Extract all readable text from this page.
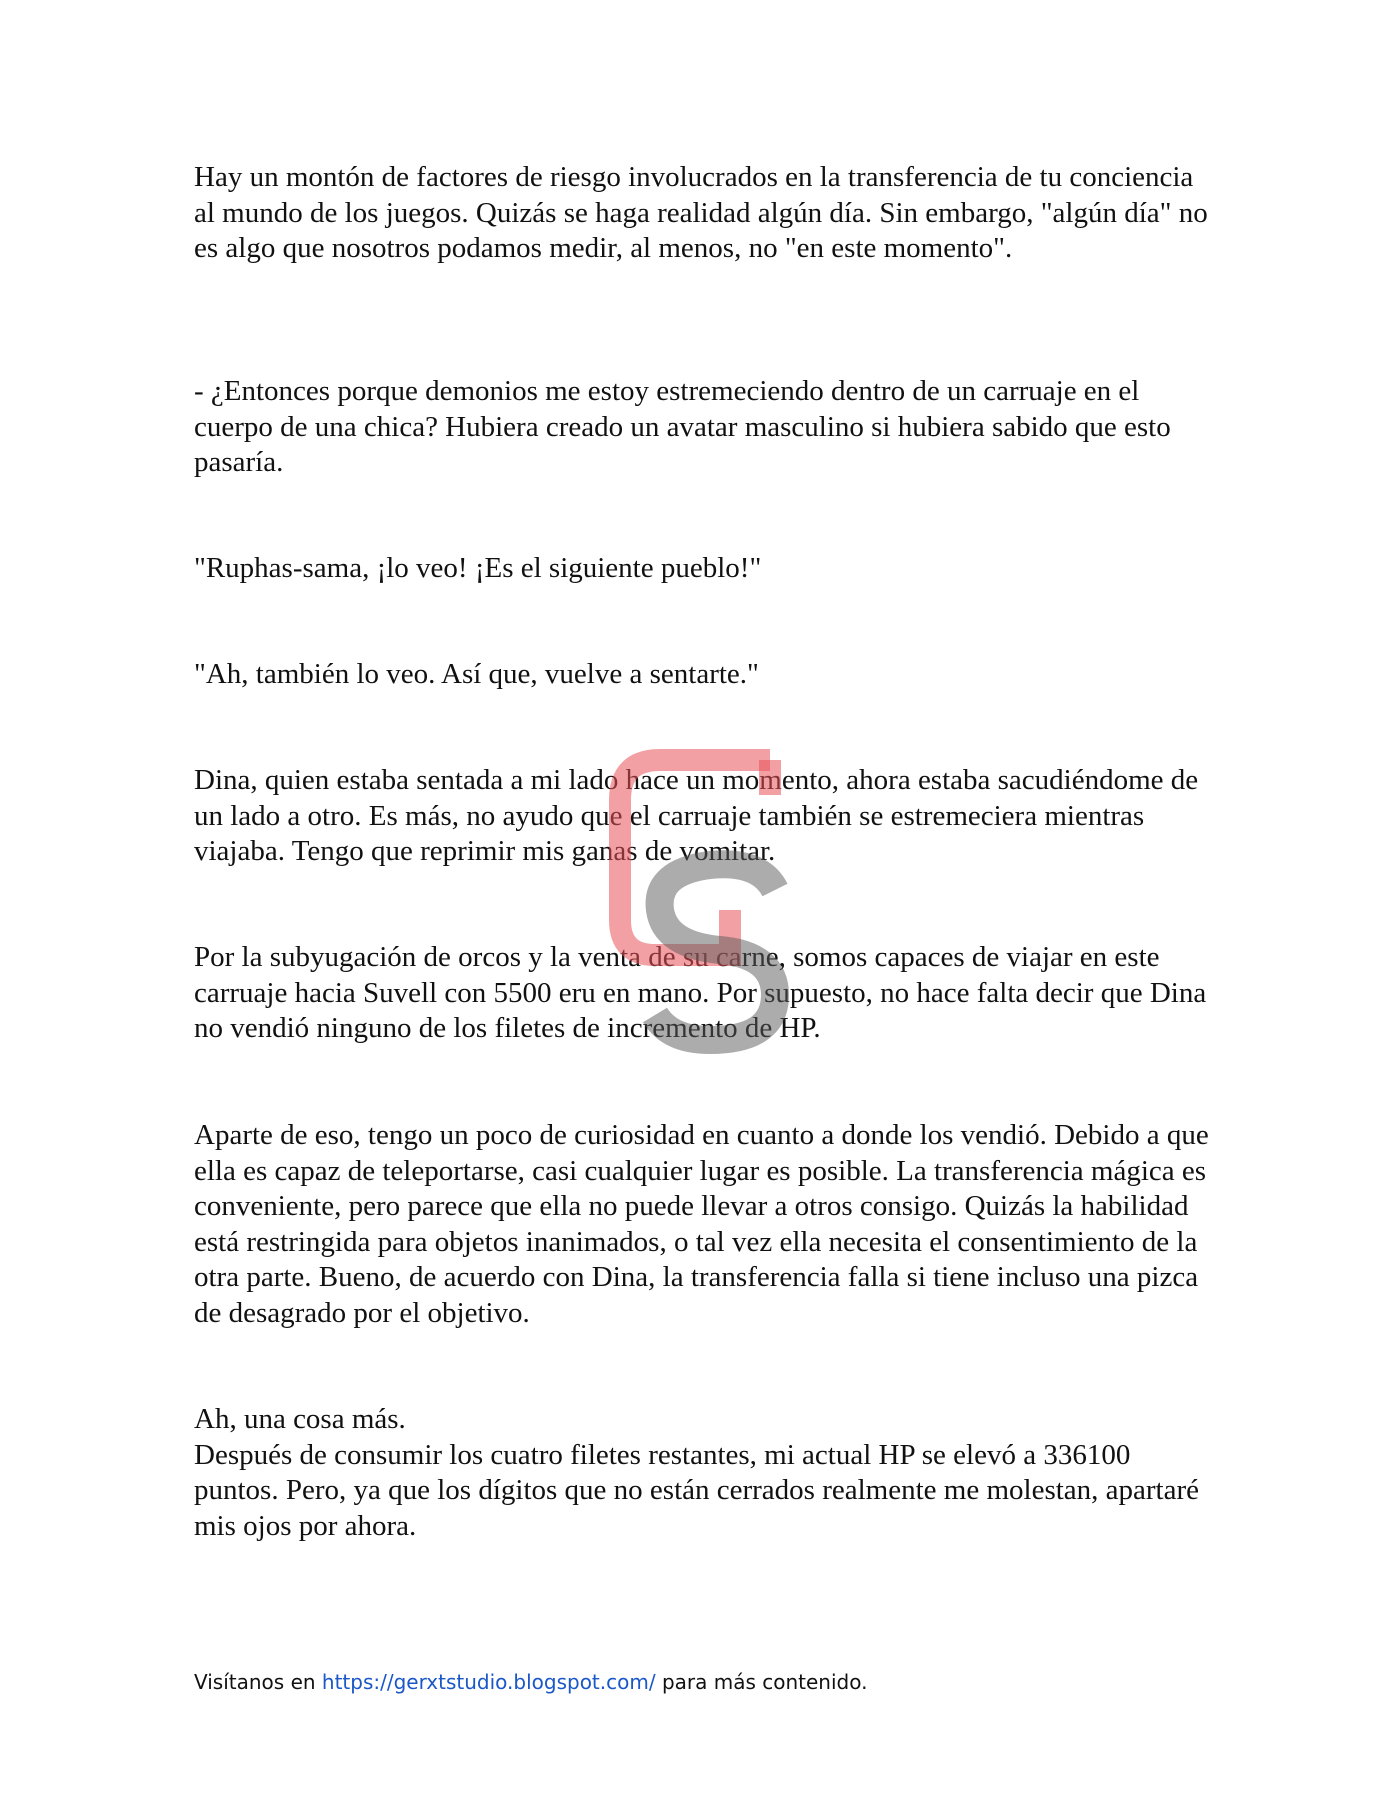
Hay un montón de factores de riesgo involucrados en la transferencia de tu conciencia al mundo de los juegos. Quizás se haga realidad algún día. Sin embargo, "algún día" no es algo que nosotros podamos medir, al menos, no "en este momento".

- ¿Entonces porque demonios me estoy estremeciendo dentro de un carruaje en el cuerpo de una chica? Hubiera creado un avatar masculino si hubiera sabido que esto pasaría.

"Ruphas-sama, ¡lo veo! ¡Es el siguiente pueblo!"

"Ah, también lo veo. Así que, vuelve a sentarte."

Dina, quien estaba sentada a mi lado hace un momento, ahora estaba sacudiéndome de un lado a otro. Es más, no ayudo que el carruaje también se estremeciera mientras viajaba. Tengo que reprimir mis ganas de vomitar.

Por la subyugación de orcos y la venta de su carne, somos capaces de viajar en este carruaje hacia Suvell con 5500 eru en mano. Por supuesto, no hace falta decir que Dina no vendió ninguno de los filetes de incremento de HP.

Aparte de eso, tengo un poco de curiosidad en cuanto a donde los vendió. Debido a que ella es capaz de teleportarse, casi cualquier lugar es posible. La transferencia mágica es conveniente, pero parece que ella no puede llevar a otros consigo. Quizás la habilidad está restringida para objetos inanimados, o tal vez ella necesita el consentimiento de la otra parte. Bueno, de acuerdo con Dina, la transferencia falla si tiene incluso una pizca de desagrado por el objetivo.

Ah, una cosa más.

Después de consumir los cuatro filetes restantes, mi actual HP se elevó a 336100 puntos. Pero, ya que los dígitos que no están cerrados realmente me molestan, apartaré mis ojos por ahora.

Visítanos en https://gerxtstudio.blogspot.com/ para más contenido.
